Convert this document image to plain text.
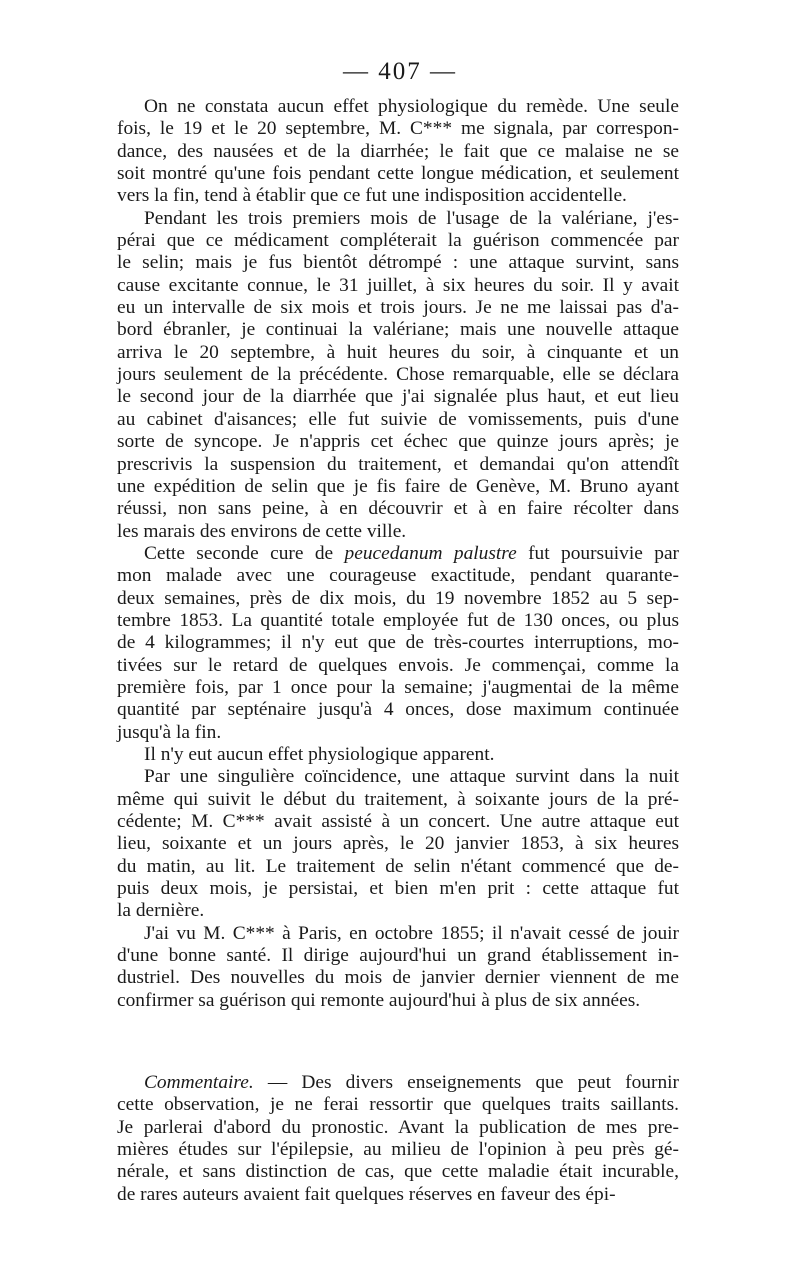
— 407 —

On ne constata aucun effet physiologique du remède. Une seule
fois, le 19 et le 20 septembre, M. C*** me signala, par correspon-
dance, des nausées et de la diarrhée; le fait que ce malaise ne se
soit montré qu'une fois pendant cette longue médication, et seulement
vers la fin, tend à établir que ce fut une indisposition accidentelle.

Pendant les trois premiers mois de l'usage de la valériane, j'es-
pérai que ce médicament compléterait la guérison commencée par
le selin; mais je fus bientôt détrompé : une attaque survint, sans
cause excitante connue, le 31 juillet, à six heures du soir. Il y avait
eu un intervalle de six mois et trois jours. Je ne me laissai pas d'a-
bord ébranler, je continuai la valériane; mais une nouvelle attaque
arriva le 20 septembre, à huit heures du soir, à cinquante et un
jours seulement de la précédente. Chose remarquable, elle se déclara
le second jour de la diarrhée que j'ai signalée plus haut, et eut lieu
au cabinet d'aisances; elle fut suivie de vomissements, puis d'une
sorte de syncope. Je n'appris cet échec que quinze jours après; je
prescrivis la suspension du traitement, et demandai qu'on attendît
une expédition de selin que je fis faire de Genève, M. Bruno ayant
réussi, non sans peine, à en découvrir et à en faire récolter dans
les marais des environs de cette ville.

Cette seconde cure de peucedanum palustre fut poursuivie par
mon malade avec une courageuse exactitude, pendant quarante-
deux semaines, près de dix mois, du 19 novembre 1852 au 5 sep-
tembre 1853. La quantité totale employée fut de 130 onces, ou plus
de 4 kilogrammes; il n'y eut que de très-courtes interruptions, mo-
tivées sur le retard de quelques envois. Je commençai, comme la
première fois, par 1 once pour la semaine; j'augmentai de la même
quantité par septénaire jusqu'à 4 onces, dose maximum continuée
jusqu'à la fin.

Il n'y eut aucun effet physiologique apparent.

Par une singulière coïncidence, une attaque survint dans la nuit
même qui suivit le début du traitement, à soixante jours de la pré-
cédente; M. C*** avait assisté à un concert. Une autre attaque eut
lieu, soixante et un jours après, le 20 janvier 1853, à six heures
du matin, au lit. Le traitement de selin n'étant commencé que de-
puis deux mois, je persistai, et bien m'en prit : cette attaque fut
la dernière.

J'ai vu M. C*** à Paris, en octobre 1855; il n'avait cessé de jouir
d'une bonne santé. Il dirige aujourd'hui un grand établissement in-
dustriel. Des nouvelles du mois de janvier dernier viennent de me
confirmer sa guérison qui remonte aujourd'hui à plus de six années.

Commentaire. — Des divers enseignements que peut fournir
cette observation, je ne ferai ressortir que quelques traits saillants.
Je parlerai d'abord du pronostic. Avant la publication de mes pre-
mières études sur l'épilepsie, au milieu de l'opinion à peu près gé-
nérale, et sans distinction de cas, que cette maladie était incurable,
de rares auteurs avaient fait quelques réserves en faveur des épi-
